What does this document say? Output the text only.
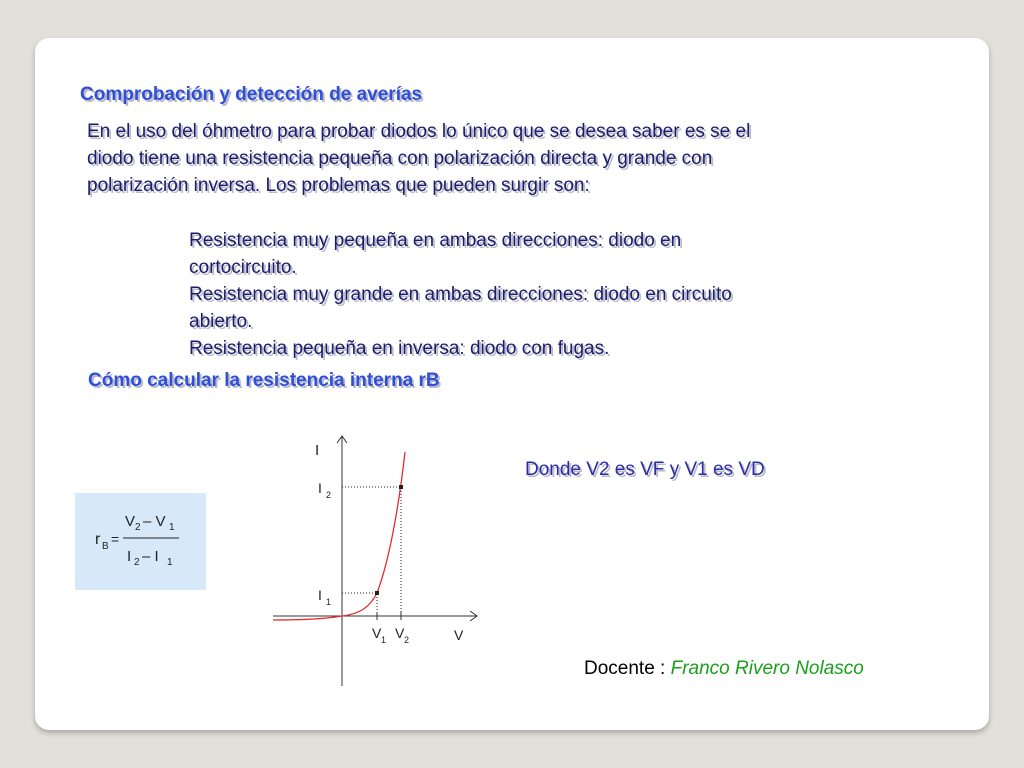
Comprobación y detección de averías
En el uso del óhmetro para probar diodos lo único que se desea saber es se el
diodo tiene una resistencia pequeña con polarización directa y grande con
polarización inversa. Los problemas que pueden surgir son:
Resistencia muy pequeña en ambas direcciones: diodo en
cortocircuito.
Resistencia muy grande en ambas direcciones: diodo en circuito
abierto.
Resistencia pequeña en inversa: diodo con fugas.
Cómo calcular la resistencia interna rB
r B =
V 2 – V 1
I 2 – I 1
I
V
I 2
I 1
V 1 V 2
Donde V2 es VF y V1 es VD
Docente : Franco Rivero Nolasco
